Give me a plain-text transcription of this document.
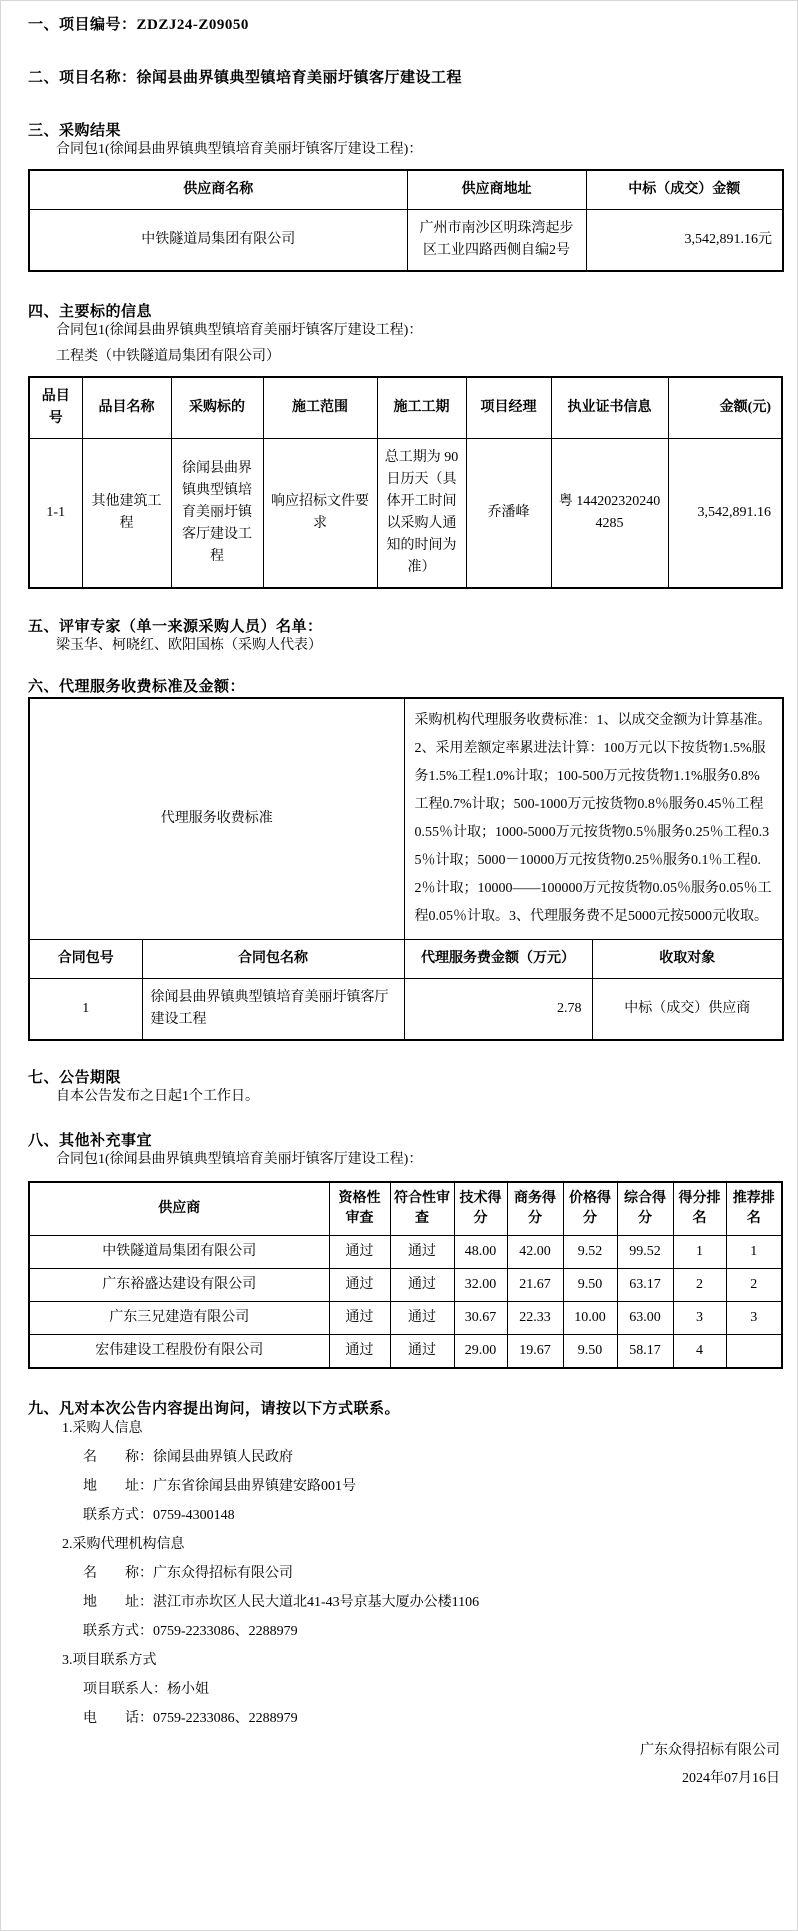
一、项目编号：ZDZJ24-Z09050
二、项目名称：徐闻县曲界镇典型镇培育美丽圩镇客厅建设工程
三、采购结果
合同包1(徐闻县曲界镇典型镇培育美丽圩镇客厅建设工程)：
供应商名称	供应商地址	中标（成交）金额
中铁隧道局集团有限公司	广州市南沙区明珠湾起步区工业四路西侧自编2号	3,542,891.16元
四、主要标的信息
合同包1(徐闻县曲界镇典型镇培育美丽圩镇客厅建设工程)：
工程类（中铁隧道局集团有限公司）
品目号	品目名称	采购标的	施工范围	施工工期	项目经理	执业证书信息	金额(元)
1-1	其他建筑工程	徐闻县曲界镇典型镇培育美丽圩镇客厅建设工程	响应招标文件要求	总工期为 90 日历天（具 体开工时间 以采购人通知的时间为准）	乔潘峰	粤 1442023202404285	3,542,891.16
五、评审专家（单一来源采购人员）名单：
梁玉华、柯晓红、欧阳国栋（采购人代表）
六、代理服务收费标准及金额：
代理服务收费标准		采购机构代理服务收费标准：1、以成交金额为计算基准。2、采用差额定率累进法计算：100万元以下按货物1.5%服务1.5%工程1.0%计取；100-500万元按货物1.1%服务0.8%工程0.7%计取；500-1000万元按货物0.8％服务0.45％工程0.55％计取；1000-5000万元按货物0.5％服务0.25％工程0.35％计取；5000－10000万元按货物0.25％服务0.1％工程0.2％计取；10000——100000万元按货物0.05％服务0.05％工程0.05％计取。3、代理服务费不足5000元按5000元收取。	
合同包号	合同包名称	代理服务费金额（万元）	收取对象
1	徐闻县曲界镇典型镇培育美丽圩镇客厅建设工程	2.78	中标（成交）供应商
七、公告期限
自本公告发布之日起1个工作日。
八、其他补充事宜
合同包1(徐闻县曲界镇典型镇培育美丽圩镇客厅建设工程)：
供应商	资格性审查	符合性审查	技术得分	商务得分	价格得分	综合得分	得分排名	推荐排名
中铁隧道局集团有限公司	通过	通过	48.00	42.00	9.52	99.52	1	1
广东裕盛达建设有限公司	通过	通过	32.00	21.67	9.50	63.17	2	2
广东三兄建造有限公司	通过	通过	30.67	22.33	10.00	63.00	3	3
宏伟建设工程股份有限公司	通过	通过	29.00	19.67	9.50	58.17	4	
九、凡对本次公告内容提出询问，请按以下方式联系。
1.采购人信息
名　　称：徐闻县曲界镇人民政府
地　　址：广东省徐闻县曲界镇建安路001号
联系方式：0759-4300148
2.采购代理机构信息
名　　称：广东众得招标有限公司
地　　址：湛江市赤坎区人民大道北41-43号京基大厦办公楼1106
联系方式：0759-2233086、2288979
3.项目联系方式
项目联系人：杨小姐
电　　话：0759-2233086、2288979
广东众得招标有限公司
2024年07月16日
